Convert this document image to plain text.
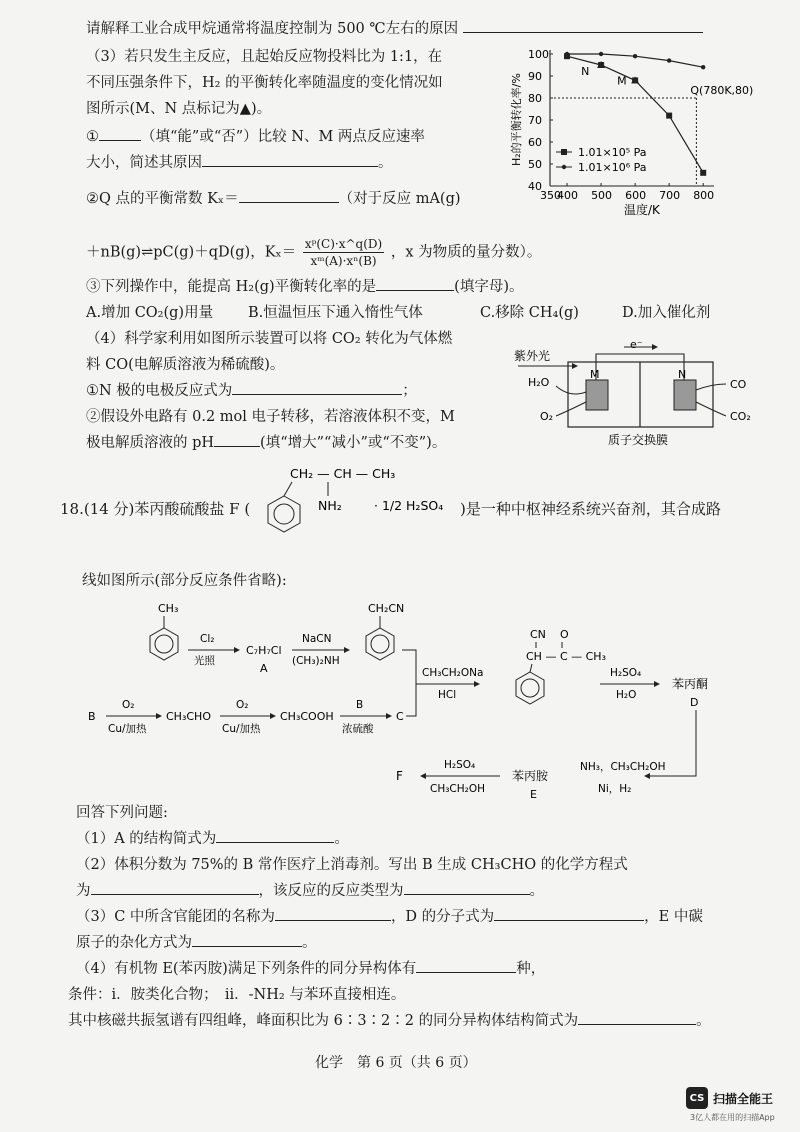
请解释工业合成甲烷通常将温度控制为 500 ℃左右的原因
（3）若只发生主反应，且起始反应物投料比为 1:1，在
不同压强条件下，H₂ 的平衡转化率随温度的变化情况如
图所示(M、N 点标记为▲)。
①	（填“能”或“否”）比较 N、M 两点反应速率
大小，简述其原因	。
②Q 点的平衡常数 Kₓ＝	（对于反应 mA(g)
＋nB(g)⇌pC(g)＋qD(g)，$K_x= \frac{\text{xᵖ(C)·x\textasciicircum{}q(D)}}{\text{xᵐ(A)·xⁿ(B)}}$ ，x 为物质的量分数）。
③下列操作中，能提高 H₂(g)平衡转化率的是	(填字母)。
A.增加 CO₂(g)用量 B.恒温恒压下通入惰性气体	C.移除 CH₄(g)	D.加入催化剂
（4）科学家利用如图所示装置可以将 CO₂ 转化为气体燃
料 CO(电解质溶液为稀硫酸)。
①N 极的电极反应式为	；
②假设外电路有 0.2 mol 电子转移，若溶液体积不变，M
极电解质溶液的 pH	(填“增大”“减小”或“不变”)。
350
400 500 600 700 800
40
50
60
70
80
90
100
温度/K
H₂的平衡转化率/%
N
M
Q(780K,80)
1.01×10⁵ Pa
1.01×10⁶ Pa
紫外光
e⁻
M	N
H₂O
O₂
CO
CO₂
质子交换膜
18.(14 分)苯丙酸硫酸盐 F (
CH₂ — CH — CH₃
NH₂	· 1/2 H₂SO₄ )是一种中枢神经系统兴奋剂，其合成路
线如图所示(部分反应条件省略):
CH₃
Cl₂
光照
C₇H₇Cl
A
NaCN
(CH₃)₂NH
CH₂CN
CH₃CH₂ONa
HCl
CN O
CH — C — CH₃
H₂SO₄
H₂O
苯丙酮
D
B
O₂
Cu/加热
CH₃CHO
O₂
Cu/加热
CH₃COOH
B
浓硫酸
C
NH₃，CH₃CH₂OH
Ni，H₂
苯丙胺
E
H₂SO₄
CH₃CH₂OH
F
回答下列问题:
（1）A 的结构简式为	。
（2）体积分数为 75%的 B 常作医疗上消毒剂。写出 B 生成 CH₃CHO 的化学方程式
为	，该反应的反应类型为	。
（3）C 中所含官能团的名称为	，D 的分子式为	，E 中碳
原子的杂化方式为	。
（4）有机物 E(苯丙胺)满足下列条件的同分异构体有	种，
条件：i．胺类化合物；　ii．-NH₂ 与苯环直接相连。
其中核磁共振氢谱有四组峰，峰面积比为 6∶3∶2∶2 的同分异构体结构简式为	。
化学　第 6 页（共 6 页）
CS 扫描全能王
3亿人都在用的扫描App
